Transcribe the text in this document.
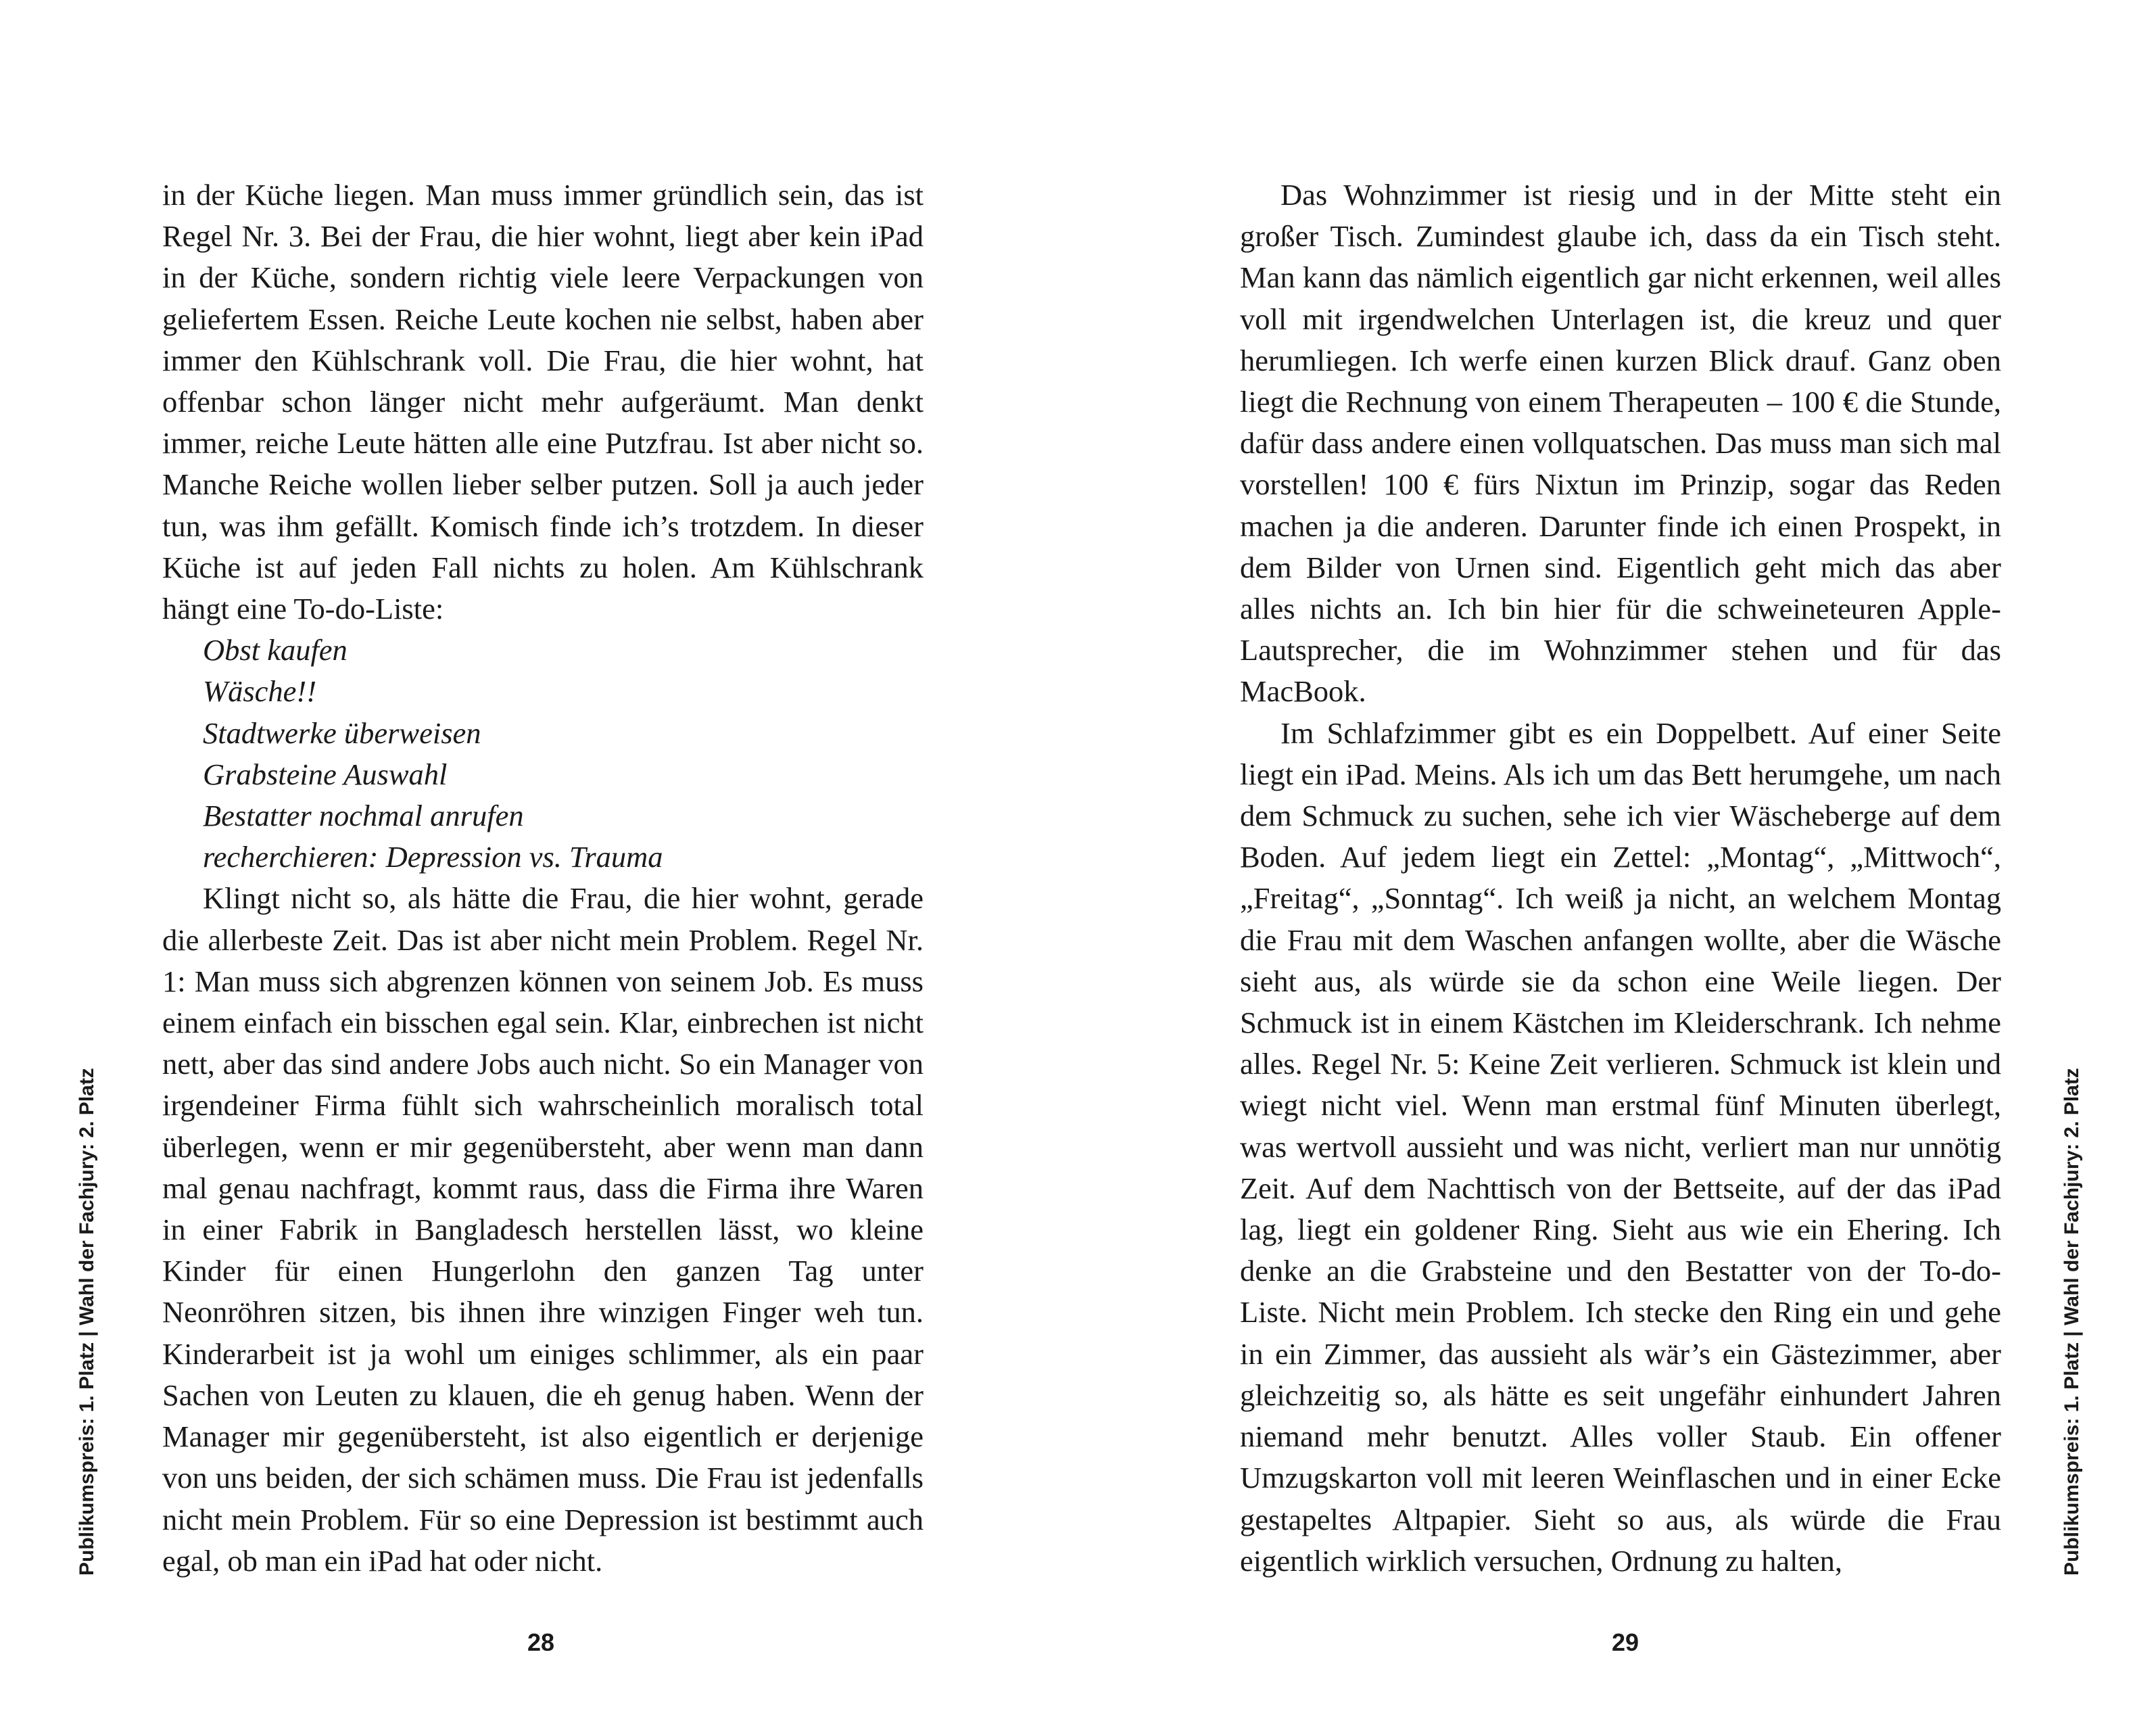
in der Küche liegen. Man muss immer gründlich sein, das ist Regel Nr. 3. Bei der Frau, die hier wohnt, liegt aber kein iPad in der Küche, sondern richtig viele leere Verpackungen von geliefertem Essen. Reiche Leute kochen nie selbst, haben aber immer den Kühlschrank voll. Die Frau, die hier wohnt, hat offenbar schon länger nicht mehr aufgeräumt. Man denkt immer, reiche Leute hätten alle eine Putzfrau. Ist aber nicht so. Manche Reiche wollen lieber selber putzen. Soll ja auch jeder tun, was ihm gefällt. Komisch finde ich’s trotzdem. In dieser Küche ist auf jeden Fall nichts zu holen. Am Kühlschrank hängt eine To-do-Liste:

Obst kaufen
Wäsche!!
Stadtwerke überweisen
Grabsteine Auswahl
Bestatter nochmal anrufen
recherchieren: Depression vs. Trauma

Klingt nicht so, als hätte die Frau, die hier wohnt, gerade die allerbeste Zeit. Das ist aber nicht mein Problem. Regel Nr. 1: Man muss sich abgrenzen können von seinem Job. Es muss einem einfach ein bisschen egal sein. Klar, einbrechen ist nicht nett, aber das sind andere Jobs auch nicht. So ein Manager von irgendeiner Firma fühlt sich wahrscheinlich moralisch total überlegen, wenn er mir gegenübersteht, aber wenn man dann mal genau nachfragt, kommt raus, dass die Firma ihre Waren in einer Fabrik in Bangladesch herstellen lässt, wo kleine Kinder für einen Hungerlohn den ganzen Tag unter Neonröhren sitzen, bis ihnen ihre winzigen Finger weh tun. Kinderarbeit ist ja wohl um einiges schlimmer, als ein paar Sachen von Leuten zu klauen, die eh genug haben. Wenn der Manager mir gegenübersteht, ist also eigentlich er derjenige von uns beiden, der sich schämen muss. Die Frau ist jedenfalls nicht mein Problem. Für so eine Depression ist bestimmt auch egal, ob man ein iPad hat oder nicht.

Publikumspreis: 1. Platz | Wahl der Fachjury: 2. Platz
28

Das Wohnzimmer ist riesig und in der Mitte steht ein großer Tisch. Zumindest glaube ich, dass da ein Tisch steht. Man kann das nämlich eigentlich gar nicht erkennen, weil alles voll mit irgendwelchen Unterlagen ist, die kreuz und quer herumliegen. Ich werfe einen kurzen Blick drauf. Ganz oben liegt die Rechnung von einem Therapeuten – 100 € die Stunde, dafür dass andere einen vollquatschen. Das muss man sich mal vorstellen! 100 € fürs Nixtun im Prinzip, sogar das Reden machen ja die anderen. Darunter finde ich einen Prospekt, in dem Bilder von Urnen sind. Eigentlich geht mich das aber alles nichts an. Ich bin hier für die schweineteuren Apple-Lautsprecher, die im Wohnzimmer stehen und für das MacBook.

Im Schlafzimmer gibt es ein Doppelbett. Auf einer Seite liegt ein iPad. Meins. Als ich um das Bett herumgehe, um nach dem Schmuck zu suchen, sehe ich vier Wäscheberge auf dem Boden. Auf jedem liegt ein Zettel: „Montag“, „Mittwoch“, „Freitag“, „Sonntag“. Ich weiß ja nicht, an welchem Montag die Frau mit dem Waschen anfangen wollte, aber die Wäsche sieht aus, als würde sie da schon eine Weile liegen. Der Schmuck ist in einem Kästchen im Kleiderschrank. Ich nehme alles. Regel Nr. 5: Keine Zeit verlieren. Schmuck ist klein und wiegt nicht viel. Wenn man erstmal fünf Minuten überlegt, was wertvoll aussieht und was nicht, verliert man nur unnötig Zeit. Auf dem Nachttisch von der Bettseite, auf der das iPad lag, liegt ein goldener Ring. Sieht aus wie ein Ehering. Ich denke an die Grabsteine und den Bestatter von der To-do-Liste. Nicht mein Problem. Ich stecke den Ring ein und gehe in ein Zimmer, das aussieht als wär’s ein Gästezimmer, aber gleichzeitig so, als hätte es seit ungefähr einhundert Jahren niemand mehr benutzt. Alles voller Staub. Ein offener Umzugskarton voll mit leeren Weinflaschen und in einer Ecke gestapeltes Altpapier. Sieht so aus, als würde die Frau eigentlich wirklich versuchen, Ordnung zu halten,	Publikumspreis: 1. Platz | Wahl der Fachjury: 2. Platz
29
